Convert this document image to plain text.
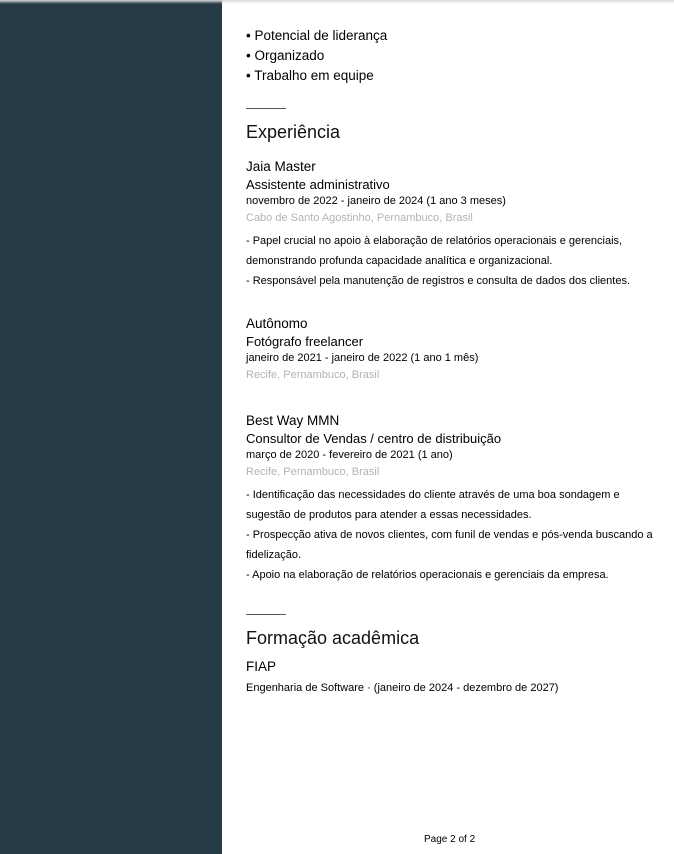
• Potencial de liderança
• Organizado
• Trabalho em equipe
Experiência
Jaia Master
Assistente administrativo
novembro de 2022 - janeiro de 2024 (1 ano 3 meses)
Cabo de Santo Agostinho, Pernambuco, Brasil

- Papel crucial no apoio à elaboração de relatórios operacionais e gerenciais, demonstrando profunda capacidade analítica e organizacional.

- Responsável pela manutenção de registros e consulta de dados dos clientes.

Autônomo
Fotógrafo freelancer
janeiro de 2021 - janeiro de 2022 (1 ano 1 mês)
Recife, Pernambuco, Brasil
Best Way MMN
Consultor de Vendas / centro de distribuição
março de 2020 - fevereiro de 2021 (1 ano)
Recife, Pernambuco, Brasil

- Identificação das necessidades do cliente através de uma boa sondagem e sugestão de produtos para atender a essas necessidades.

- Prospecção ativa de novos clientes, com funil de vendas e pós-venda buscando a fidelização.

- Apoio na elaboração de relatórios operacionais e gerenciais da empresa.

Formação acadêmica
FIAP
Engenharia de Software · (janeiro de 2024 - dezembro de 2027)
Page 2 of 2
